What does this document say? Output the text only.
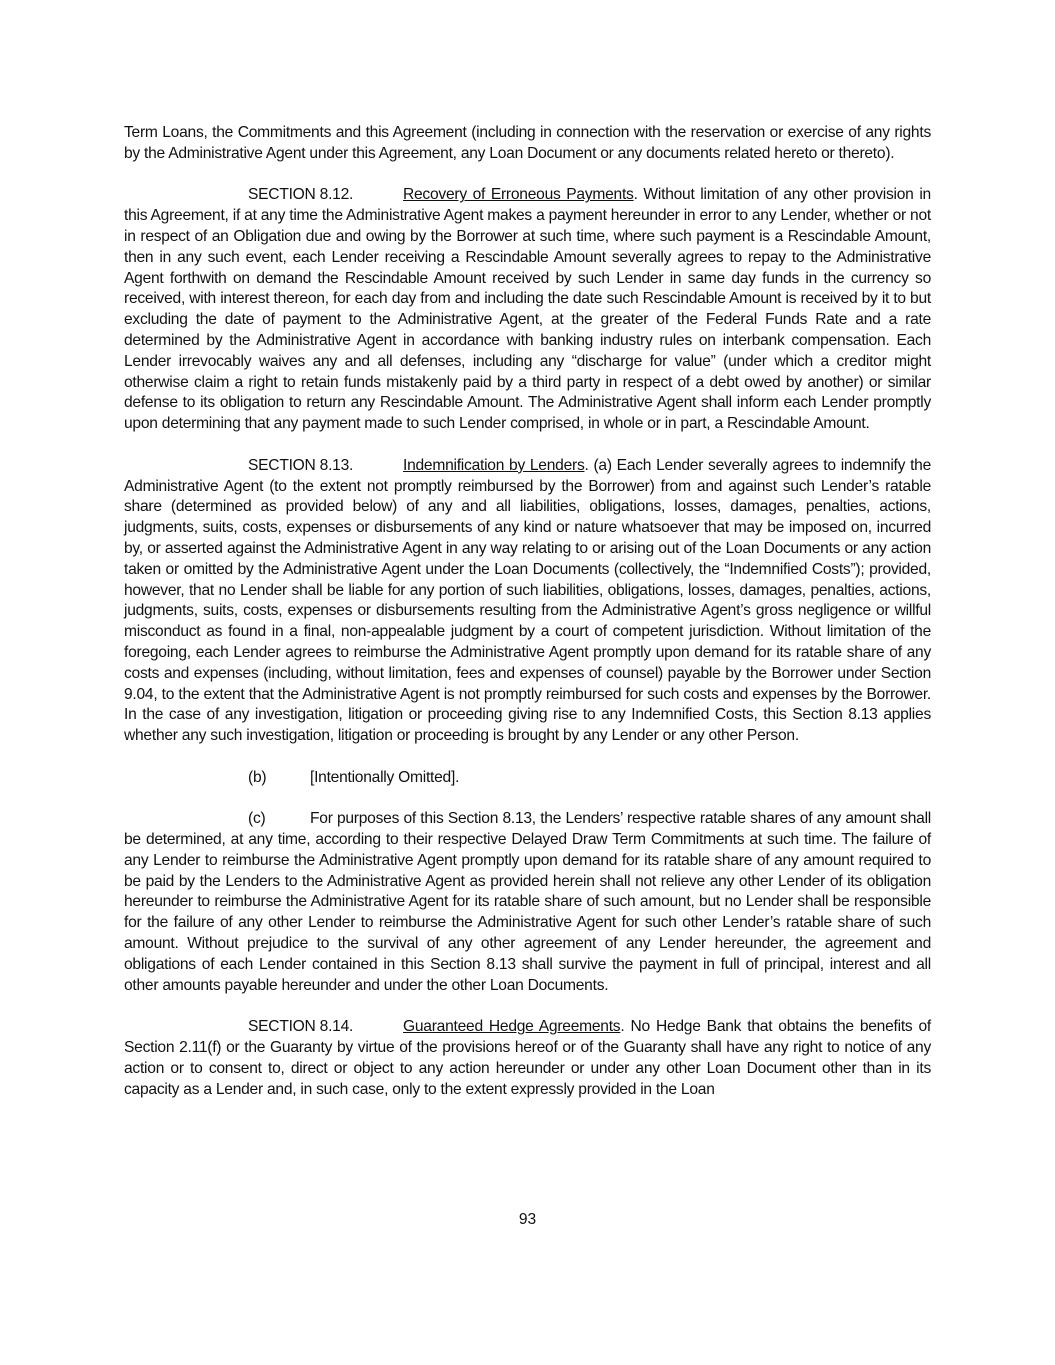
Term Loans, the Commitments and this Agreement (including in connection with the reservation or exercise of any rights by the Administrative Agent under this Agreement, any Loan Document or any documents related hereto or thereto).

SECTION 8.12.	Recovery of Erroneous Payments. Without limitation of any other provision in this Agreement, if at any time the Administrative Agent makes a payment hereunder in error to any Lender, whether or not in respect of an Obligation due and owing by the Borrower at such time, where such payment is a Rescindable Amount, then in any such event, each Lender receiving a Rescindable Amount severally agrees to repay to the Administrative Agent forthwith on demand the Rescindable Amount received by such Lender in same day funds in the currency so received, with interest thereon, for each day from and including the date such Rescindable Amount is received by it to but excluding the date of payment to the Administrative Agent, at the greater of the Federal Funds Rate and a rate determined by the Administrative Agent in accordance with banking industry rules on interbank compensation. Each Lender irrevocably waives any and all defenses, including any “discharge for value” (under which a creditor might otherwise claim a right to retain funds mistakenly paid by a third party in respect of a debt owed by another) or similar defense to its obligation to return any Rescindable Amount. The Administrative Agent shall inform each Lender promptly upon determining that any payment made to such Lender comprised, in whole or in part, a Rescindable Amount.

SECTION 8.13.	Indemnification by Lenders. (a) Each Lender severally agrees to indemnify the Administrative Agent (to the extent not promptly reimbursed by the Borrower) from and against such Lender’s ratable share (determined as provided below) of any and all liabilities, obligations, losses, damages, penalties, actions, judgments, suits, costs, expenses or disbursements of any kind or nature whatsoever that may be imposed on, incurred by, or asserted against the Administrative Agent in any way relating to or arising out of the Loan Documents or any action taken or omitted by the Administrative Agent under the Loan Documents (collectively, the “Indemnified Costs”); provided, however, that no Lender shall be liable for any portion of such liabilities, obligations, losses, damages, penalties, actions, judgments, suits, costs, expenses or disbursements resulting from the Administrative Agent’s gross negligence or willful misconduct as found in a final, non-appealable judgment by a court of competent jurisdiction. Without limitation of the foregoing, each Lender agrees to reimburse the Administrative Agent promptly upon demand for its ratable share of any costs and expenses (including, without limitation, fees and expenses of counsel) payable by the Borrower under Section 9.04, to the extent that the Administrative Agent is not promptly reimbursed for such costs and expenses by the Borrower. In the case of any investigation, litigation or proceeding giving rise to any Indemnified Costs, this Section 8.13 applies whether any such investigation, litigation or proceeding is brought by any Lender or any other Person.

(b)	[Intentionally Omitted].

(c)	For purposes of this Section 8.13, the Lenders’ respective ratable shares of any amount shall be determined, at any time, according to their respective Delayed Draw Term Commitments at such time. The failure of any Lender to reimburse the Administrative Agent promptly upon demand for its ratable share of any amount required to be paid by the Lenders to the Administrative Agent as provided herein shall not relieve any other Lender of its obligation hereunder to reimburse the Administrative Agent for its ratable share of such amount, but no Lender shall be responsible for the failure of any other Lender to reimburse the Administrative Agent for such other Lender’s ratable share of such amount. Without prejudice to the survival of any other agreement of any Lender hereunder, the agreement and obligations of each Lender contained in this Section 8.13 shall survive the payment in full of principal, interest and all other amounts payable hereunder and under the other Loan Documents.

SECTION 8.14.	Guaranteed Hedge Agreements. No Hedge Bank that obtains the benefits of Section 2.11(f) or the Guaranty by virtue of the provisions hereof or of the Guaranty shall have any right to notice of any action or to consent to, direct or object to any action hereunder or under any other Loan Document other than in its capacity as a Lender and, in such case, only to the extent expressly provided in the Loan

93
